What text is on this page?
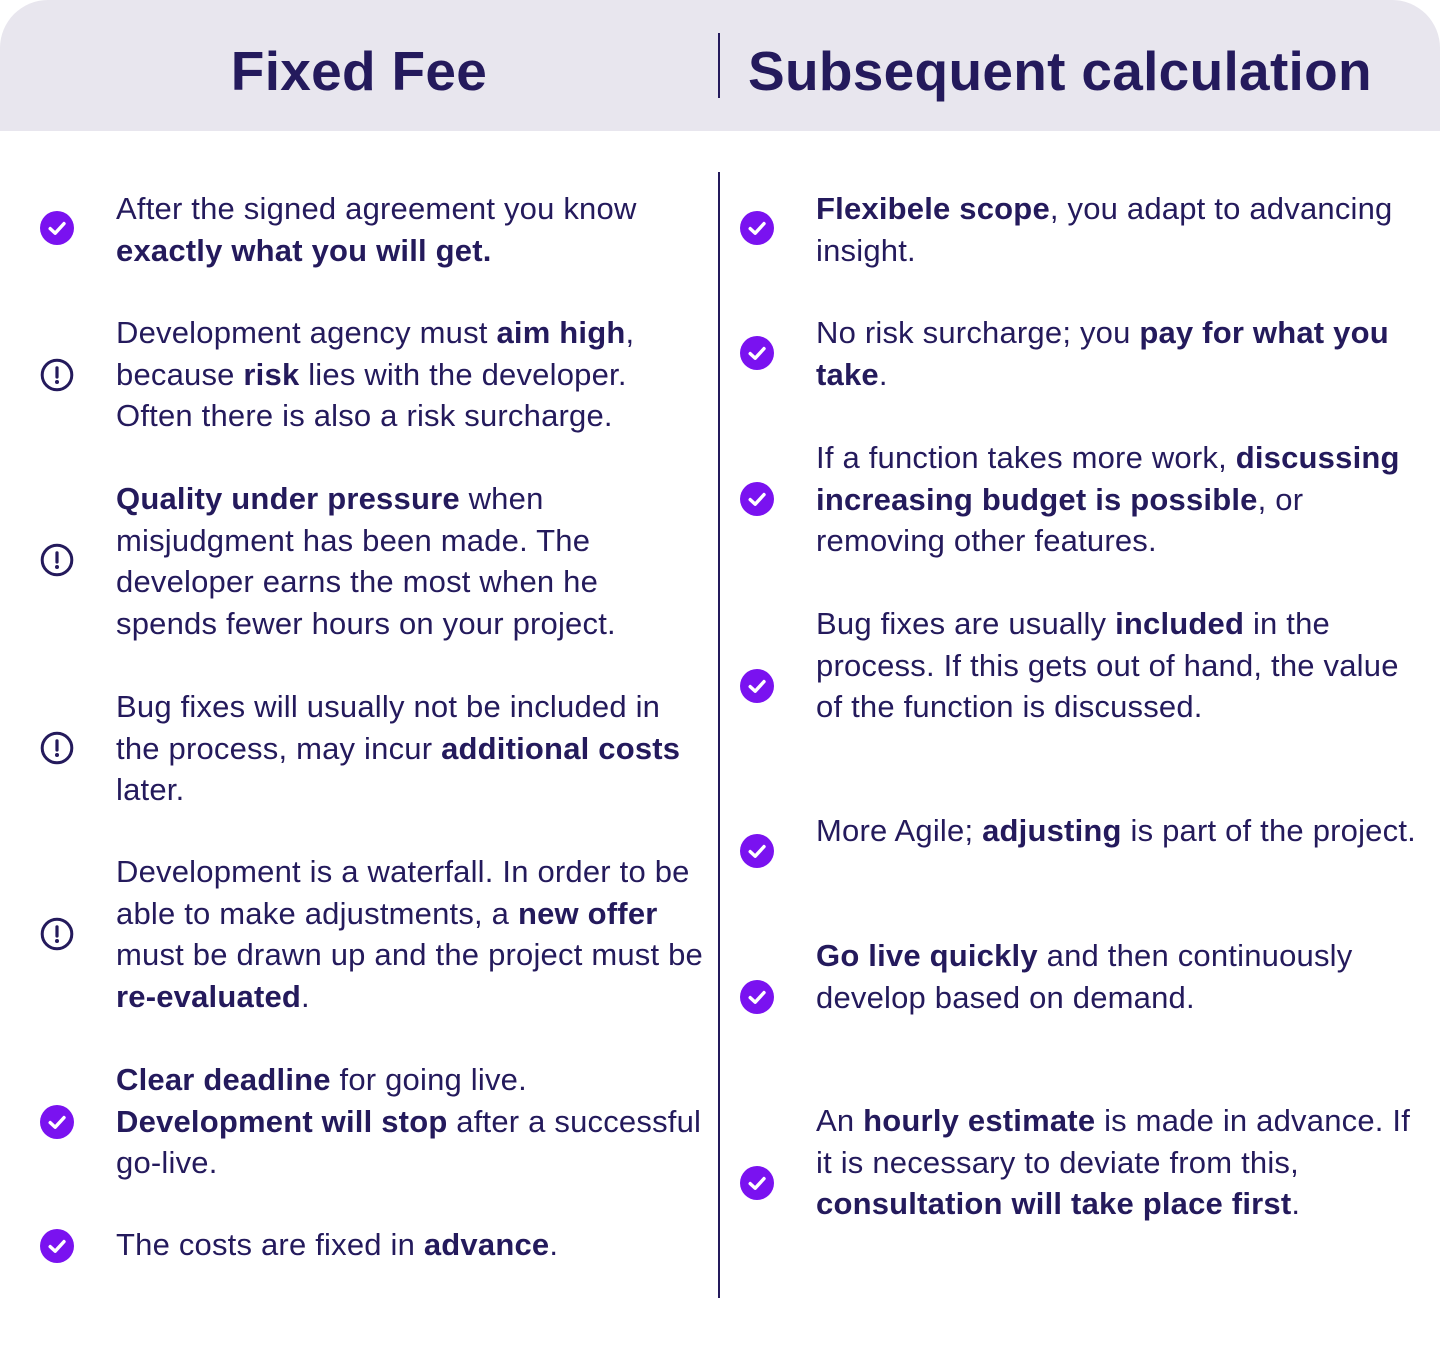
Fixed Fee	Subsequent calculation

After the signed agreement you know exactly what you will get.

Development agency must aim high, because risk lies with the developer. Often there is also a risk surcharge.

Quality under pressure when misjudgment has been made. The developer earns the most when he spends fewer hours on your project.

Bug fixes will usually not be included in the process, may incur additional costs later.

Development is a waterfall. In order to be able to make adjustments, a new offer must be drawn up and the project must be re-evaluated.

Clear deadline for going live. Development will stop after a successful go-live.

The costs are fixed in advance.

Flexibele scope, you adapt to advancing insight.

No risk surcharge; you pay for what you take.

If a function takes more work, discussing increasing budget is possible, or removing other features.

Bug fixes are usually included in the process. If this gets out of hand, the value of the function is discussed.

More Agile; adjusting is part of the project.

Go live quickly and then continuously develop based on demand.

An hourly estimate is made in advance. If it is necessary to deviate from this, consultation will take place first.
